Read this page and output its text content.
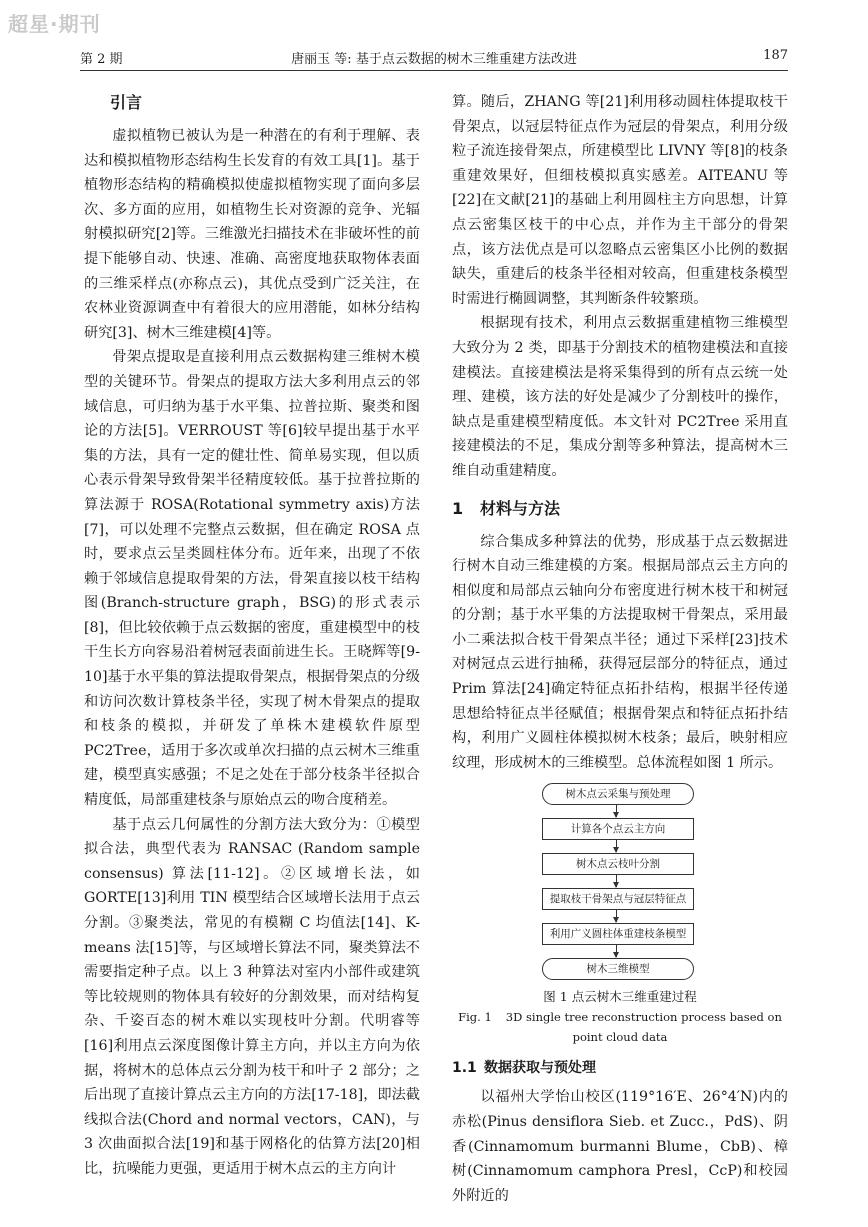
超星·期刊
第 2 期	唐丽玉 等: 基于点云数据的树木三维重建方法改进	187
引言

虚拟植物已被认为是一种潜在的有利于理解、表达和模拟植物形态结构生长发育的有效工具[1]。基于植物形态结构的精确模拟使虚拟植物实现了面向多层次、多方面的应用，如植物生长对资源的竞争、光辐射模拟研究[2]等。三维激光扫描技术在非破坏性的前提下能够自动、快速、准确、高密度地获取物体表面的三维采样点(亦称点云)，其优点受到广泛关注，在农林业资源调查中有着很大的应用潜能，如林分结构研究[3]、树木三维建模[4]等。

骨架点提取是直接利用点云数据构建三维树木模型的关键环节。骨架点的提取方法大多利用点云的邻域信息，可归纳为基于水平集、拉普拉斯、聚类和图论的方法[5]。VERROUST 等[6]较早提出基于水平集的方法，具有一定的健壮性、简单易实现，但以质心表示骨架导致骨架半径精度较低。基于拉普拉斯的算法源于 ROSA(Rotational symmetry axis)方法[7]，可以处理不完整点云数据，但在确定 ROSA 点时，要求点云呈类圆柱体分布。近年来，出现了不依赖于邻域信息提取骨架的方法，骨架直接以枝干结构图(Branch-structure graph，BSG)的形式表示[8]，但比较依赖于点云数据的密度，重建模型中的枝干生长方向容易沿着树冠表面前进生长。王晓辉等[9-10]基于水平集的算法提取骨架点，根据骨架点的分级和访问次数计算枝条半径，实现了树木骨架点的提取和枝条的模拟，并研发了单株木建模软件原型 PC2Tree，适用于多次或单次扫描的点云树木三维重建，模型真实感强；不足之处在于部分枝条半径拟合精度低，局部重建枝条与原始点云的吻合度稍差。

基于点云几何属性的分割方法大致分为：①模型拟合法，典型代表为 RANSAC (Random sample consensus) 算法[11-12]。②区域增长法，如 GORTE[13]利用 TIN 模型结合区域增长法用于点云分割。③聚类法，常见的有模糊 C 均值法[14]、K-means 法[15]等，与区域增长算法不同，聚类算法不需要指定种子点。以上 3 种算法对室内小部件或建筑等比较规则的物体具有较好的分割效果，而对结构复杂、千姿百态的树木难以实现枝叶分割。代明睿等[16]利用点云深度图像计算主方向，并以主方向为依据，将树木的总体点云分割为枝干和叶子 2 部分；之后出现了直接计算点云主方向的方法[17-18]，即法截线拟合法(Chord and normal vectors，CAN)，与 3 次曲面拟合法[19]和基于网格化的估算方法[20]相比，抗噪能力更强，更适用于树木点云的主方向计

算。随后，ZHANG 等[21]利用移动圆柱体提取枝干骨架点，以冠层特征点作为冠层的骨架点，利用分级粒子流连接骨架点，所建模型比 LIVNY 等[8]的枝条重建效果好，但细枝模拟真实感差。AITEANU 等[22]在文献[21]的基础上利用圆柱主方向思想，计算点云密集区枝干的中心点，并作为主干部分的骨架点，该方法优点是可以忽略点云密集区小比例的数据缺失，重建后的枝条半径相对较高，但重建枝条模型时需进行椭圆调整，其判断条件较繁琐。

根据现有技术，利用点云数据重建植物三维模型大致分为 2 类，即基于分割技术的植物建模法和直接建模法。直接建模法是将采集得到的所有点云统一处理、建模，该方法的好处是减少了分割枝叶的操作，缺点是重建模型精度低。本文针对 PC2Tree 采用直接建模法的不足，集成分割等多种算法，提高树木三维自动重建精度。

1 材料与方法

综合集成多种算法的优势，形成基于点云数据进行树木自动三维建模的方案。根据局部点云主方向的相似度和局部点云轴向分布密度进行树木枝干和树冠的分割；基于水平集的方法提取树干骨架点，采用最小二乘法拟合枝干骨架点半径；通过下采样[23]技术对树冠点云进行抽稀，获得冠层部分的特征点，通过 Prim 算法[24]确定特征点拓扑结构，根据半径传递思想给特征点半径赋值；根据骨架点和特征点拓扑结构，利用广义圆柱体模拟树木枝条；最后，映射相应纹理，形成树木的三维模型。总体流程如图 1 所示。

树木点云采集与预处理
计算各个点云主方向
树木点云枝叶分割
提取枝干骨架点与冠层特征点
利用广义圆柱体重建枝条模型
树木三维模型
图 1 点云树木三维重建过程
Fig. 1 3D single tree reconstruction process based on point cloud data
1.1 数据获取与预处理

以福州大学怡山校区(119°16′E、26°4′N)内的赤松(Pinus densiflora Sieb. et Zucc.，PdS)、阴香(Cinnamomum burmanni Blume，CbB)、樟树(Cinnamomum camphora Presl，CcP)和校园外附近的
